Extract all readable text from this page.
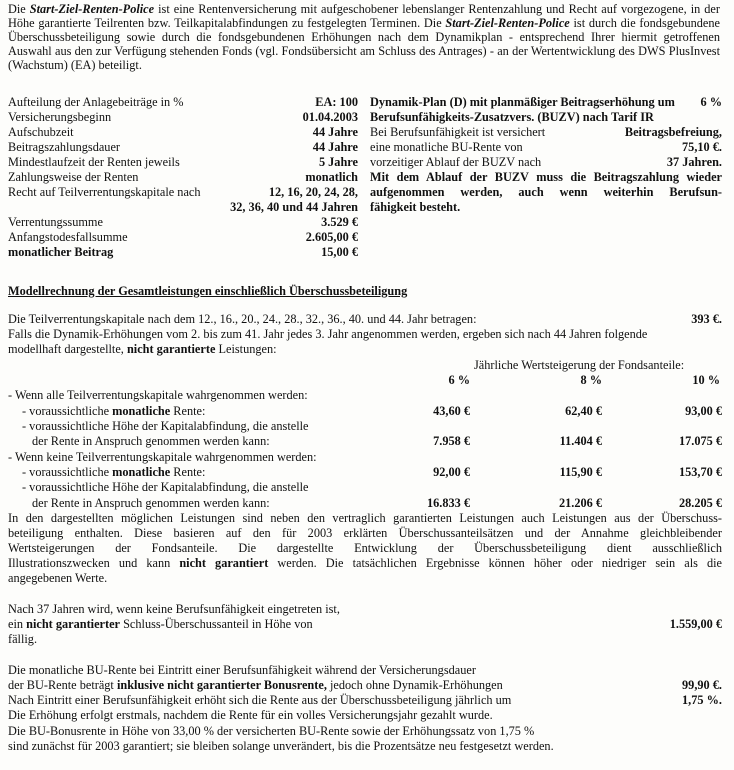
Die Start-Ziel-Renten-Police ist eine Rentenversicherung mit aufgeschobener lebenslanger Rentenzahlung und Recht auf vorgezogene, in der Höhe garantierte Teilrenten bzw. Teilkapitalabfindungen zu festgelegten Terminen. Die Start-Ziel-Renten-Police ist durch die fondsgebundene Überschussbeteiligung sowie durch die fondsgebundenen Erhöhungen nach dem Dynamikplan - entsprechend Ihrer hiermit getroffenen Auswahl aus den zur Verfügung stehenden Fonds (vgl. Fondsübersicht am Schluss des Antrages) - an der Wertentwicklung des DWS PlusInvest (Wachstum) (EA) beteiligt.
Aufteilung der Anlagebeiträge in %	EA: 100
Versicherungsbeginn	01.04.2003
Aufschubzeit	44 Jahre
Beitragszahlungsdauer	44 Jahre
Mindestlaufzeit der Renten jeweils	5 Jahre
Zahlungsweise der Renten	monatlich
Recht auf Teilverrentungskapitale nach	12, 16, 20, 24, 28,
32, 36, 40 und 44 Jahren
Verrentungssumme	3.529 €
Anfangstodesfallsumme	2.605,00 €
monatlicher Beitrag	15,00 €
Dynamik-Plan (D) mit planmäßiger Beitragserhöhung um	6 %
Berufsunfähigkeits-Zusatzvers. (BUZV) nach Tarif IR
Bei Berufsunfähigkeit ist versichert	Beitragsbefreiung,
eine monatliche BU-Rente von	75,10 €.
vorzeitiger Ablauf der BUZV nach	37 Jahren.
Mit dem Ablauf der BUZV muss die Beitragszahlung wieder
aufgenommen werden, auch wenn weiterhin Berufsun-
fähigkeit besteht.
Modellrechnung der Gesamtleistungen einschließlich Überschussbeteiligung
Die Teilverrentungskapitale nach dem 12., 16., 20., 24., 28., 32., 36., 40. und 44. Jahr betragen:	393 €.
Falls die Dynamik-Erhöhungen vom 2. bis zum 41. Jahr jedes 3. Jahr angenommen werden, ergeben sich nach 44 Jahren folgende
modellhaft dargestellte, nicht garantierte Leistungen:
Jährliche Wertsteigerung der Fondsanteile:
6 %	8 %	10 %
- Wenn alle Teilverrentungskapitale wahrgenommen werden:
- voraussichtliche monatliche Rente:	43,60 €	62,40 €	93,00 €
- voraussichtliche Höhe der Kapitalabfindung, die anstelle
der Rente in Anspruch genommen werden kann:	7.958 €	11.404 €	17.075 €
- Wenn keine Teilverrentungskapitale wahrgenommen werden:
- voraussichtliche monatliche Rente:	92,00 €	115,90 €	153,70 €
- voraussichtliche Höhe der Kapitalabfindung, die anstelle
der Rente in Anspruch genommen werden kann:	16.833 €	21.206 €	28.205 €
In den dargestellten möglichen Leistungen sind neben den vertraglich garantierten Leistungen auch Leistungen aus der Überschuss-
beteiligung enthalten. Diese basieren auf den für 2003 erklärten Überschussanteilsätzen und der Annahme gleichbleibender
Wertsteigerungen der Fondsanteile. Die dargestellte Entwicklung der Überschussbeteiligung dient ausschließlich
Illustrationszwecken und kann nicht garantiert werden. Die tatsächlichen Ergebnisse können höher oder niedriger sein als die
angegebenen Werte.
Nach 37 Jahren wird, wenn keine Berufsunfähigkeit eingetreten ist,
ein nicht garantierter Schluss-Überschussanteil in Höhe von	1.559,00 €
fällig.
Die monatliche BU-Rente bei Eintritt einer Berufsunfähigkeit während der Versicherungsdauer
der BU-Rente beträgt inklusive nicht garantierter Bonusrente, jedoch ohne Dynamik-Erhöhungen	99,90 €.
Nach Eintritt einer Berufsunfähigkeit erhöht sich die Rente aus der Überschussbeteiligung jährlich um	1,75 %.
Die Erhöhung erfolgt erstmals, nachdem die Rente für ein volles Versicherungsjahr gezahlt wurde.
Die BU-Bonusrente in Höhe von 33,00 % der versicherten BU-Rente sowie der Erhöhungssatz von 1,75 %
sind zunächst für 2003 garantiert; sie bleiben solange unverändert, bis die Prozentsätze neu festgesetzt werden.
